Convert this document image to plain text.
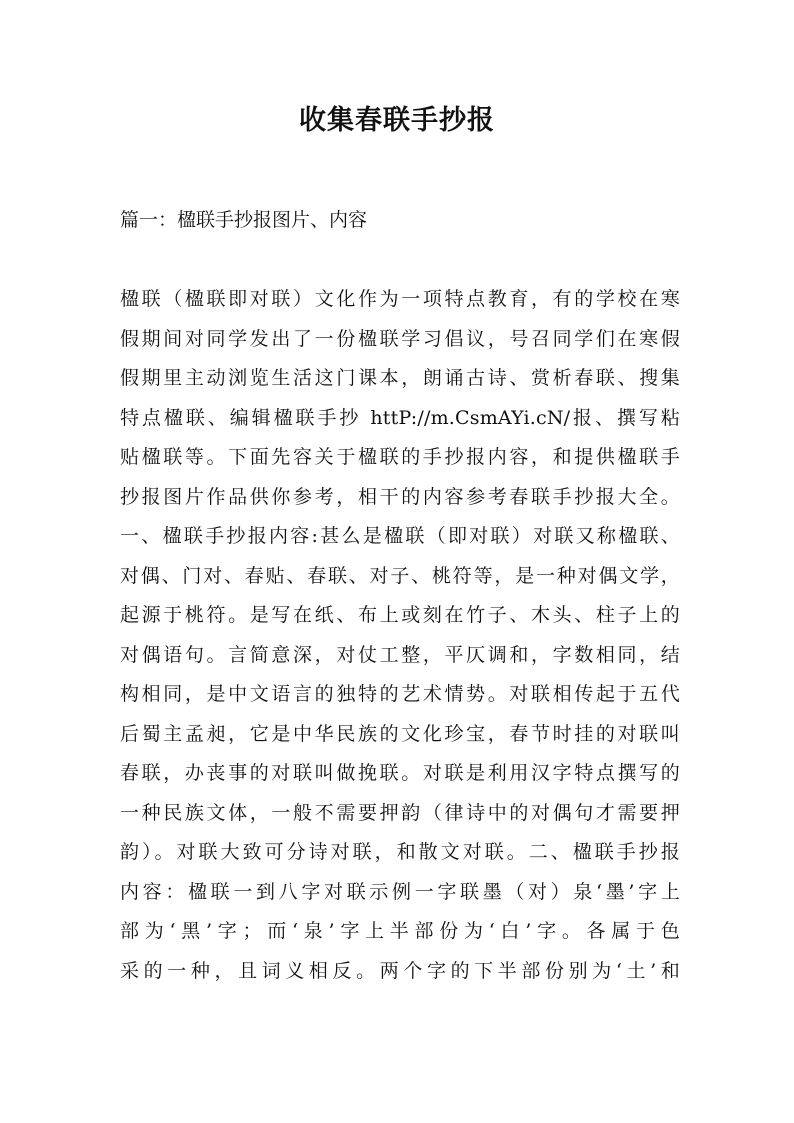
收集春联手抄报

篇一：楹联手抄报图片、内容

楹联（楹联即对联）文化作为一项特点教育，有的学校在寒
假期间对同学发出了一份楹联学习倡议，号召同学们在寒假
假期里主动浏览生活这门课本，朗诵古诗、赏析春联、搜集
特点楹联、编辑楹联手抄 httP://m.CsmAYi.cN/报、撰写粘
贴楹联等。下面先容关于楹联的手抄报内容，和提供楹联手
抄报图片作品供你参考，相干的内容参考春联手抄报大全。
一、楹联手抄报内容:甚么是楹联（即对联）对联又称楹联、
对偶、门对、春贴、春联、对子、桃符等，是一种对偶文学，
起源于桃符。是写在纸、布上或刻在竹子、木头、柱子上的
对偶语句。言简意深，对仗工整，平仄调和，字数相同，结
构相同，是中文语言的独特的艺术情势。对联相传起于五代
后蜀主孟昶，它是中华民族的文化珍宝，春节时挂的对联叫
春联，办丧事的对联叫做挽联。对联是利用汉字特点撰写的
一种民族文体，一般不需要押韵（律诗中的对偶句才需要押
韵）。对联大致可分诗对联，和散文对联。二、楹联手抄报
内容：楹联一到八字对联示例一字联墨（对）泉‘墨’字上
部为‘黑’字；而‘泉’字上半部份为‘白’字。各属于色
采的一种，且词义相反。两个字的下半部份别为‘土’和
